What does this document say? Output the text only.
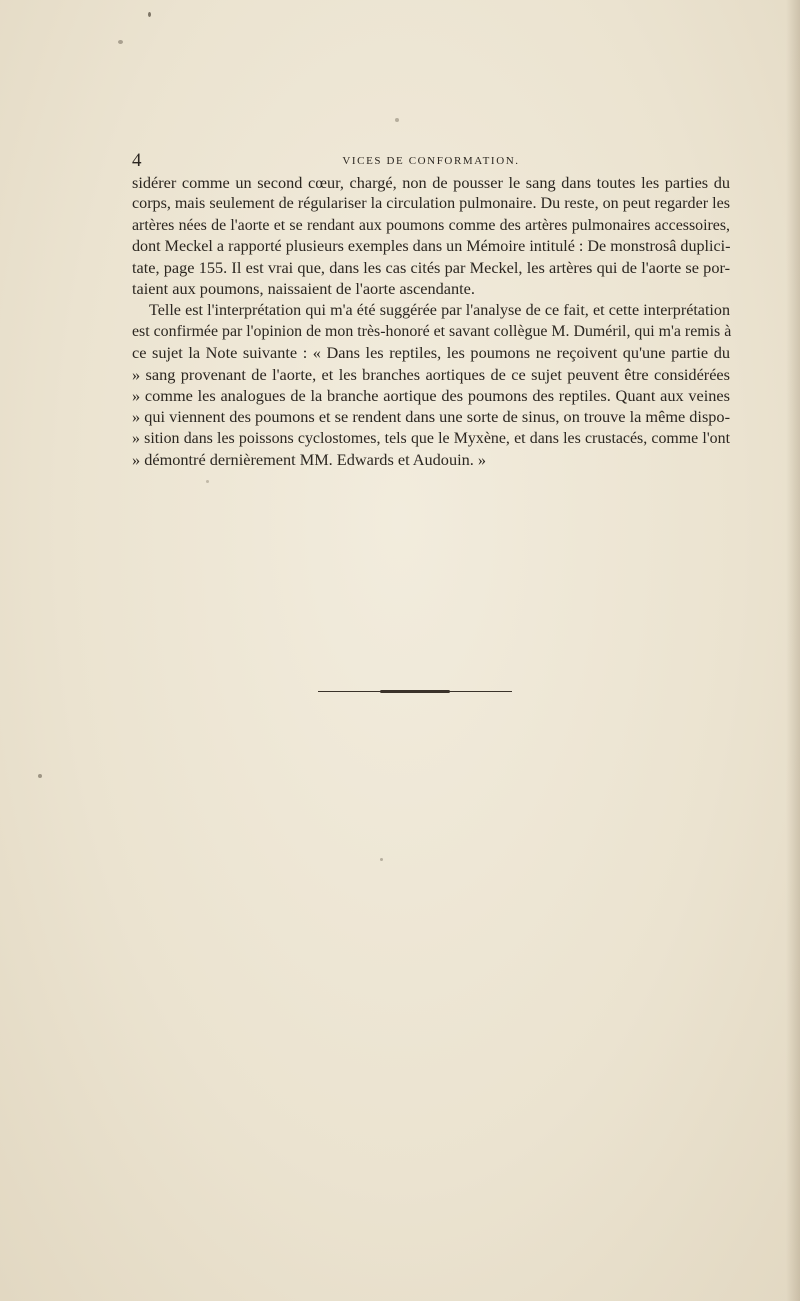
4	VICES DE CONFORMATION.
sidérer comme un second cœur, chargé, non de pousser le sang dans toutes les parties du
corps, mais seulement de régulariser la circulation pulmonaire. Du reste, on peut regarder les
artères nées de l'aorte et se rendant aux poumons comme des artères pulmonaires accessoires,
dont Meckel a rapporté plusieurs exemples dans un Mémoire intitulé : De monstrosâ duplici-
tate, page 155. Il est vrai que, dans les cas cités par Meckel, les artères qui de l'aorte se por-
taient aux poumons, naissaient de l'aorte ascendante.
Telle est l'interprétation qui m'a été suggérée par l'analyse de ce fait, et cette interprétation
est confirmée par l'opinion de mon très-honoré et savant collègue M. Duméril, qui m'a remis à
ce sujet la Note suivante : « Dans les reptiles, les poumons ne reçoivent qu'une partie du
» sang provenant de l'aorte, et les branches aortiques de ce sujet peuvent être considérées
» comme les analogues de la branche aortique des poumons des reptiles. Quant aux veines
» qui viennent des poumons et se rendent dans une sorte de sinus, on trouve la même dispo-
» sition dans les poissons cyclostomes, tels que le Myxène, et dans les crustacés, comme l'ont
» démontré dernièrement MM. Edwards et Audouin. »
